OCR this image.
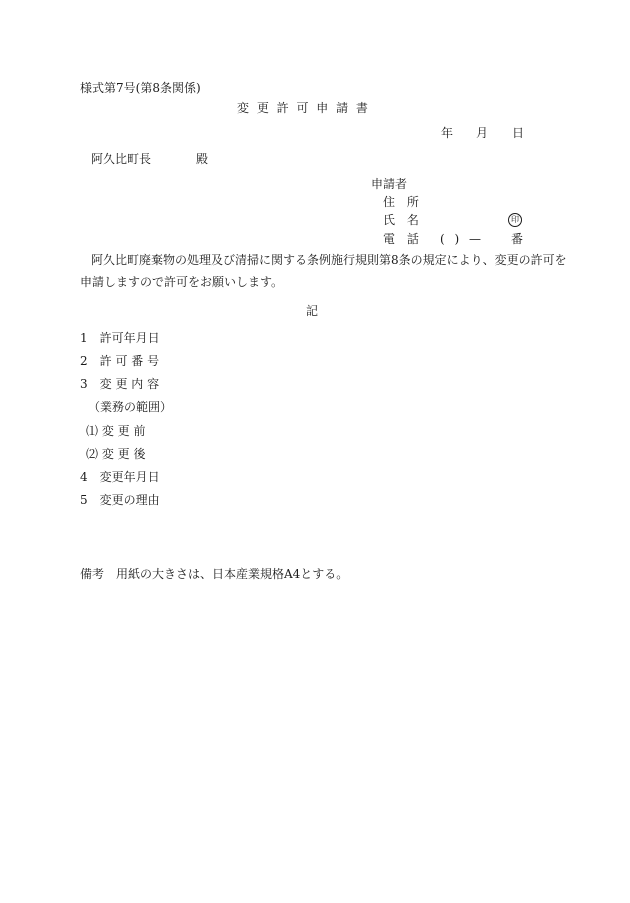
様式第7号(第8条関係)
変 更 許 可 申 請 書
年 月 日
阿久比町長	殿
申請者
住 所
氏 名	印
電 話 ( ) — 番
阿久比町廃棄物の処理及び清掃に関する条例施行規則第8条の規定により、変更の許可を
申請しますので許可をお願いします。
記
1　許可年月日
2　許 可 番 号
3　変 更 内 容
（業務の範囲）
⑴ 変 更 前
⑵ 変 更 後
4　変更年月日
5　変更の理由
備考　用紙の大きさは、日本産業規格A4とする。
